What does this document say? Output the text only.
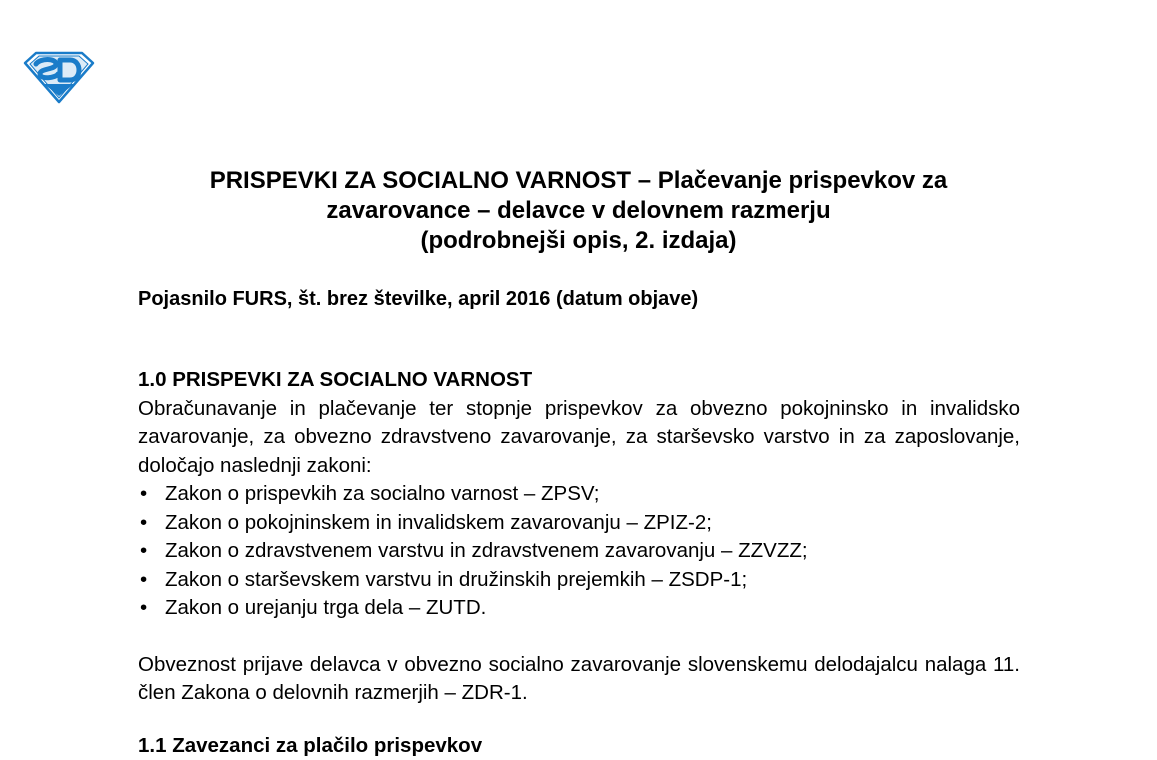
PRISPEVKI ZA SOCIALNO VARNOST – Plačevanje prispevkov za
zavarovance – delavce v delovnem razmerju
(podrobnejši opis, 2. izdaja)
Pojasnilo FURS, št. brez številke, april 2016 (datum objave)
1.0 PRISPEVKI ZA SOCIALNO VARNOST

Obračunavanje in plačevanje ter stopnje prispevkov za obvezno pokojninsko in invalidsko zavarovanje, za obvezno zdravstveno zavarovanje, za starševsko varstvo in za zaposlovanje, določajo naslednji zakoni:

• Zakon o prispevkih za socialno varnost – ZPSV;
• Zakon o pokojninskem in invalidskem zavarovanju – ZPIZ-2;
• Zakon o zdravstvenem varstvu in zdravstvenem zavarovanju – ZZVZZ;
• Zakon o starševskem varstvu in družinskih prejemkih – ZSDP-1;
• Zakon o urejanju trga dela – ZUTD.

Obveznost prijave delavca v obvezno socialno zavarovanje slovenskemu delodajalcu nalaga 11. člen Zakona o delovnih razmerjih – ZDR-1.

1.1 Zavezanci za plačilo prispevkov
